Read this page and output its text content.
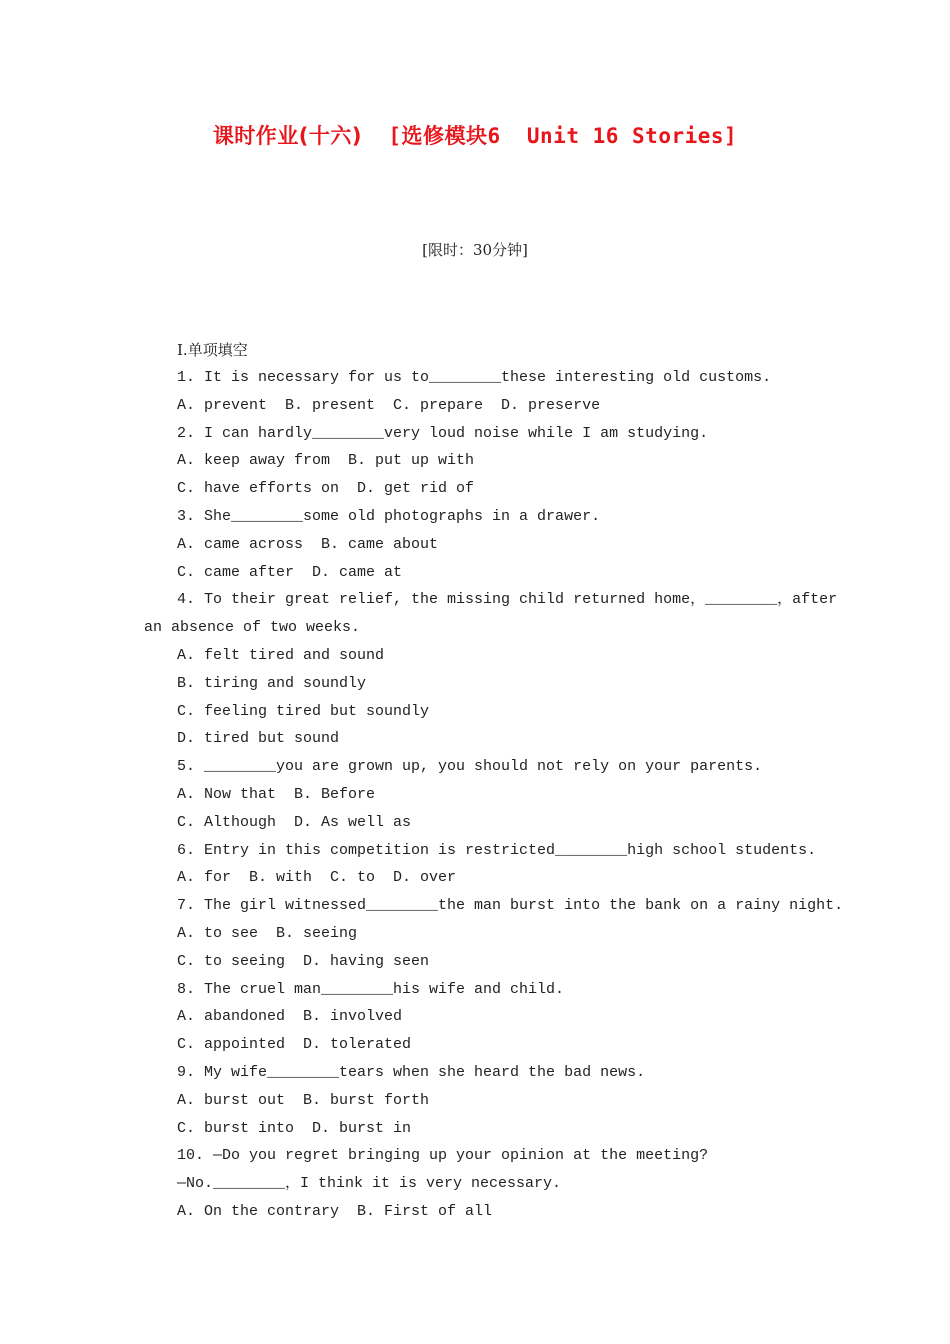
课时作业(十六) [选修模块6  Unit 16 Stories]
[限时：30分钟]
Ⅰ.单项填空
1. It is necessary for us to________these interesting old customs.
A. prevent  B. present  C. prepare  D. preserve
2. I can hardly________very loud noise while I am studying.
A. keep away from  B. put up with
C. have efforts on  D. get rid of
3. She________some old photographs in a drawer.
A. came across  B. came about
C. came after  D. came at
4. To their great relief, the missing child returned home，________， after
an absence of two weeks.
A. felt tired and sound
B. tiring and soundly
C. feeling tired but soundly
D. tired but sound
5. ________you are grown up, you should not rely on your parents.
A. Now that  B. Before
C. Although  D. As well as
6. Entry in this competition is restricted________high school students.
A. for  B. with  C. to  D. over
7. The girl witnessed________the man burst into the bank on a rainy night.
A. to see  B. seeing
C. to seeing  D. having seen
8. The cruel man________his wife and child.
A. abandoned  B. involved
C. appointed  D. tolerated
9. My wife________tears when she heard the bad news.
A. burst out  B. burst forth
C. burst into  D. burst in
10. —Do you regret bringing up your opinion at the meeting?
—No.________，I think it is very necessary.
A. On the contrary  B. First of all
